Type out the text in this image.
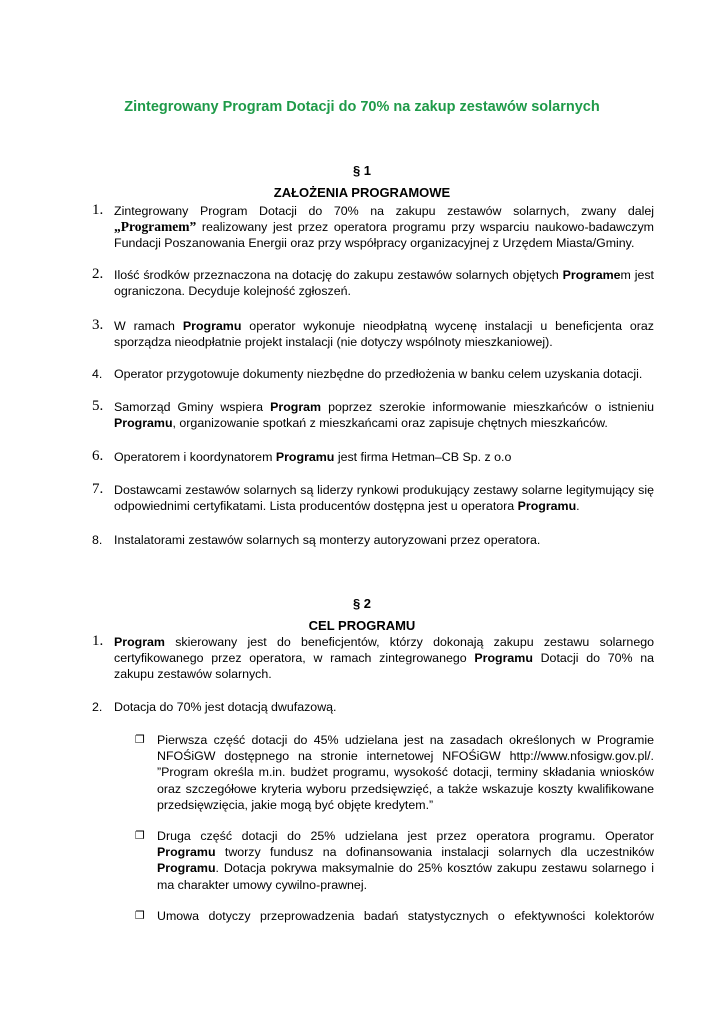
Zintegrowany Program Dotacji do 70% na zakup zestawów solarnych
§ 1
ZAŁOŻENIA PROGRAMOWE
1. Zintegrowany Program Dotacji do 70% na zakupu zestawów solarnych, zwany dalej „Programem” realizowany jest przez operatora programu przy wsparciu naukowo-badawczym Fundacji Poszanowania Energii oraz przy współpracy organizacyjnej z Urzędem Miasta/Gminy.
2. Ilość środków przeznaczona na dotację do zakupu zestawów solarnych objętych Programem jest ograniczona. Decyduje kolejność zgłoszeń.
3. W ramach Programu operator wykonuje nieodpłatną wycenę instalacji u beneficjenta oraz sporządza nieodpłatnie projekt instalacji (nie dotyczy wspólnoty mieszkaniowej).
4. Operator przygotowuje dokumenty niezbędne do przedłożenia w banku celem uzyskania dotacji.
5. Samorząd Gminy wspiera Program poprzez szerokie informowanie mieszkańców o istnieniu Programu, organizowanie spotkań z mieszkańcami oraz zapisuje chętnych mieszkańców.
6. Operatorem i koordynatorem Programu jest firma Hetman–CB Sp. z o.o
7. Dostawcami zestawów solarnych są liderzy rynkowi produkujący zestawy solarne legitymujący się odpowiednimi certyfikatami. Lista producentów dostępna jest u operatora Programu.
8. Instalatorami zestawów solarnych są monterzy autoryzowani przez operatora.
§ 2
CEL PROGRAMU
1. Program skierowany jest do beneficjentów, którzy dokonają zakupu zestawu solarnego certyfikowanego przez operatora, w ramach zintegrowanego Programu Dotacji do 70% na zakupu zestawów solarnych.
2. Dotacja do 70% jest dotacją dwufazową.
❐ Pierwsza część dotacji do 45% udzielana jest na zasadach określonych w Programie NFOŚiGW dostępnego na stronie internetowej NFOŚiGW http://www.nfosigw.gov.pl/. ”Program określa m.in. budżet programu, wysokość dotacji, terminy składania wniosków oraz szczegółowe kryteria wyboru przedsięwzięć, a także wskazuje koszty kwalifikowane przedsięwzięcia, jakie mogą być objęte kredytem.”
❐ Druga część dotacji do 25% udzielana jest przez operatora programu. Operator Programu tworzy fundusz na dofinansowania instalacji solarnych dla uczestników Programu. Dotacja pokrywa maksymalnie do 25% kosztów zakupu zestawu solarnego i ma charakter umowy cywilno-prawnej.
❐ Umowa dotyczy przeprowadzenia badań statystycznych o efektywności kolektorów
